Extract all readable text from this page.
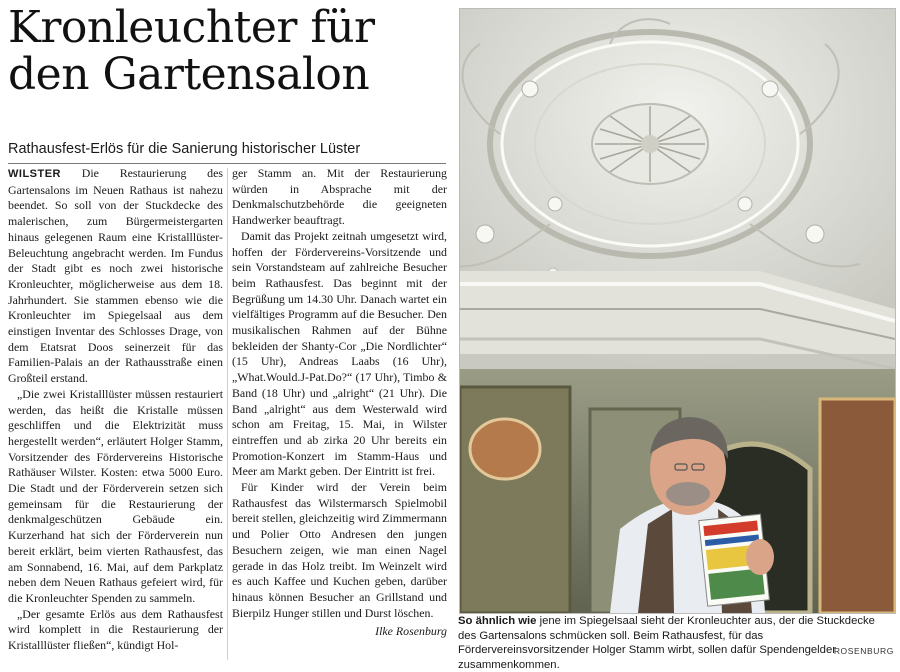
Kronleuchter für
den Gartensalon
Rathausfest-Erlös für die Sanierung historischer Lüster

WILSTER Die Restaurierung des Gartensalons im Neuen Rathaus ist nahezu beendet. So soll von der Stuckdecke des malerischen, zum Bürgermeistergarten hinaus gelegenen Raum eine Kristalllüster-Beleuchtung angebracht werden. Im Fundus der Stadt gibt es noch zwei historische Kronleuchter, möglicherweise aus dem 18. Jahrhundert. Sie stammen ebenso wie die Kronleuchter im Spiegelsaal aus dem einstigen Inventar des Schlosses Drage, von dem Etatsrat Doos seinerzeit für das Familien-Palais an der Rathausstraße einen Großteil erstand.

„Die zwei Kristalllüster müssen restauriert werden, das heißt die Kristalle müssen geschliffen und die Elektrizität muss hergestellt werden“, erläutert Holger Stamm, Vorsitzender des Fördervereins Historische Rathäuser Wilster. Kosten: etwa 5000 Euro. Die Stadt und der Förderverein setzen sich gemeinsam für die Restaurierung der denkmalgeschützen Gebäude ein. Kurzerhand hat sich der Förderverein nun bereit erklärt, beim vierten Rathausfest, das am Sonnabend, 16. Mai, auf dem Parkplatz neben dem Neuen Rathaus gefeiert wird, für die Kronleuchter Spenden zu sammeln.

„Der gesamte Erlös aus dem Rathausfest wird komplett in die Restaurierung der Kristalllüster fließen“, kündigt Hol-

ger Stamm an. Mit der Restaurierung würden in Absprache mit der Denkmalschutzbehörde die geeigneten Handwerker beauftragt.

Damit das Projekt zeitnah umgesetzt wird, hoffen der Fördervereins-Vorsitzende und sein Vorstandsteam auf zahlreiche Besucher beim Rathausfest. Das beginnt mit der Begrüßung um 14.30 Uhr. Danach wartet ein vielfältiges Programm auf die Besucher. Den musikalischen Rahmen auf der Bühne bekleiden der Shanty-Cor „Die Nordlichter“ (15 Uhr), Andreas Laabs (16 Uhr), „What.Would.J-Pat.Do?“ (17 Uhr), Timbo & Band (18 Uhr) und „alright“ (21 Uhr). Die Band „alright“ aus dem Westerwald wird schon am Freitag, 15. Mai, in Wilster eintreffen und ab zirka 20 Uhr bereits ein Promotion-Konzert im Stamm-Haus und Meer am Markt geben. Der Eintritt ist frei.

Für Kinder wird der Verein beim Rathausfest das Wilstermarsch Spielmobil bereit stellen, gleichzeitig wird Zimmermann und Polier Otto Andresen den jungen Besuchern zeigen, wie man einen Nagel gerade in das Holz treibt. Im Weinzelt wird es auch Kaffee und Kuchen geben, darüber hinaus können Besucher an Grillstand und Bierpilz Hunger stillen und Durst löschen.

Ilke Rosenburg
So ähnlich wie jene im Spiegelsaal sieht der Kronleuchter aus, der die Stuckdecke des Gartensalons schmücken soll. Beim Rathausfest, für das Fördervereinsvorsitzender Holger Stamm wirbt, sollen dafür Spendengelder zusammenkommen.
ROSENBURG
